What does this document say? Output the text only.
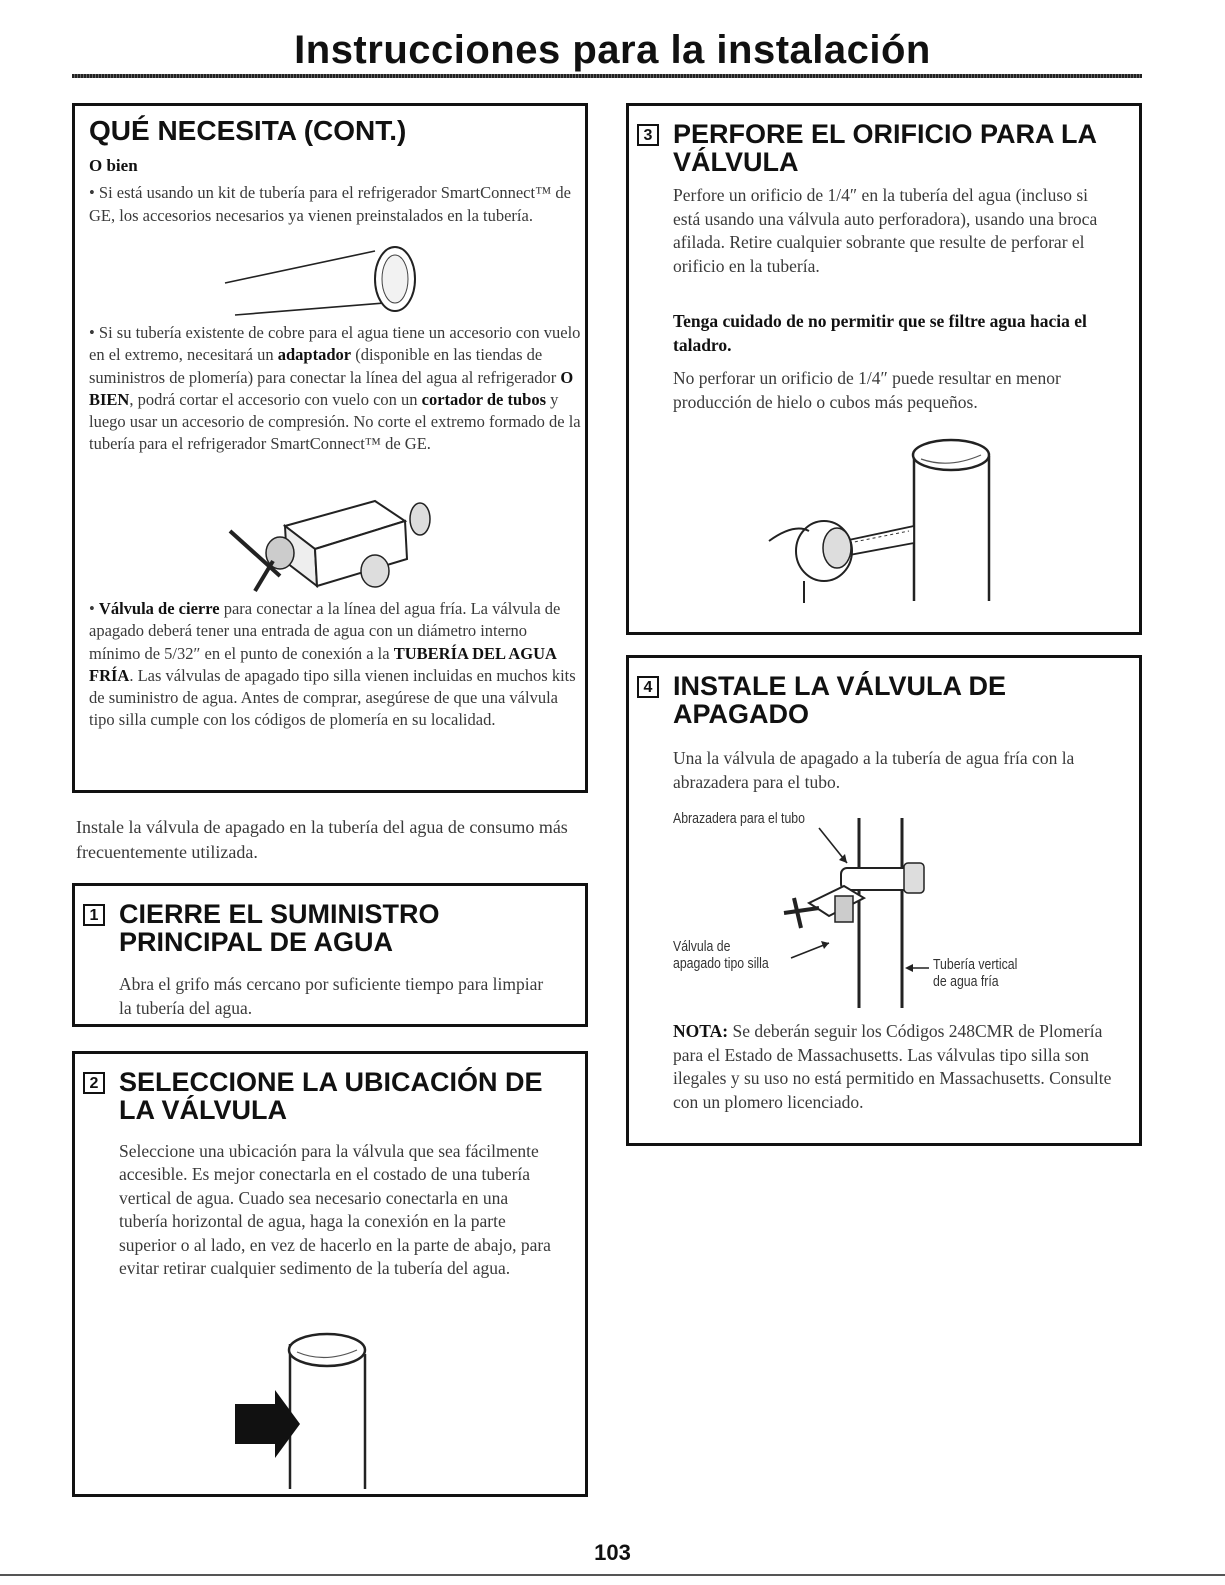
Instrucciones para la instalación
QUÉ NECESITA (CONT.)
O bien

• Si está usando un kit de tubería para el refrigerador SmartConnect™ de GE, los accesorios necesarios ya vienen preinstalados en la tubería.

• Si su tubería existente de cobre para el agua tiene un accesorio con vuelo en el extremo, necesitará un adaptador (disponible en las tiendas de suministros de plomería) para conectar la línea del agua al refrigerador O BIEN, podrá cortar el accesorio con vuelo con un cortador de tubos y luego usar un accesorio de compresión. No corte el extremo formado de la tubería para el refrigerador SmartConnect™ de GE.

• Válvula de cierre para conectar a la línea del agua fría. La válvula de apagado deberá tener una entrada de agua con un diámetro interno mínimo de 5/32″ en el punto de conexión a la TUBERÍA DEL AGUA FRÍA. Las válvulas de apagado tipo silla vienen incluidas en muchos kits de suministro de agua. Antes de comprar, asegúrese de que una válvula tipo silla cumple con los códigos de plomería en su localidad.

Instale la válvula de apagado en la tubería del agua de consumo más frecuentemente utilizada.

1 CIERRE EL SUMINISTRO PRINCIPAL DE AGUA

Abra el grifo más cercano por suficiente tiempo para limpiar la tubería del agua.

2 SELECCIONE LA UBICACIÓN DE LA VÁLVULA

Seleccione una ubicación para la válvula que sea fácilmente accesible. Es mejor conectarla en el costado de una tubería vertical de agua. Cuado sea necesario conectarla en una tubería horizontal de agua, haga la conexión en la parte superior o al lado, en vez de hacerlo en la parte de abajo, para evitar retirar cualquier sedimento de la tubería del agua.

3 PERFORE EL ORIFICIO PARA LA VÁLVULA

Perfore un orificio de 1/4″ en la tubería del agua (incluso si está usando una válvula auto perforadora), usando una broca afilada. Retire cualquier sobrante que resulte de perforar el orificio en la tubería.

Tenga cuidado de no permitir que se filtre agua hacia el taladro.

No perforar un orificio de 1/4″ puede resultar en menor producción de hielo o cubos más pequeños.

4 INSTALE LA VÁLVULA DE APAGADO

Una la válvula de apagado a la tubería de agua fría con la abrazadera para el tubo.

Abrazadera para el tubo
Válvula de
apagado tipo silla	Tubería vertical
de agua fría

NOTA: Se deberán seguir los Códigos 248CMR de Plomería para el Estado de Massachusetts. Las válvulas tipo silla son ilegales y su uso no está permitido en Massachusetts. Consulte con un plomero licenciado.

103
